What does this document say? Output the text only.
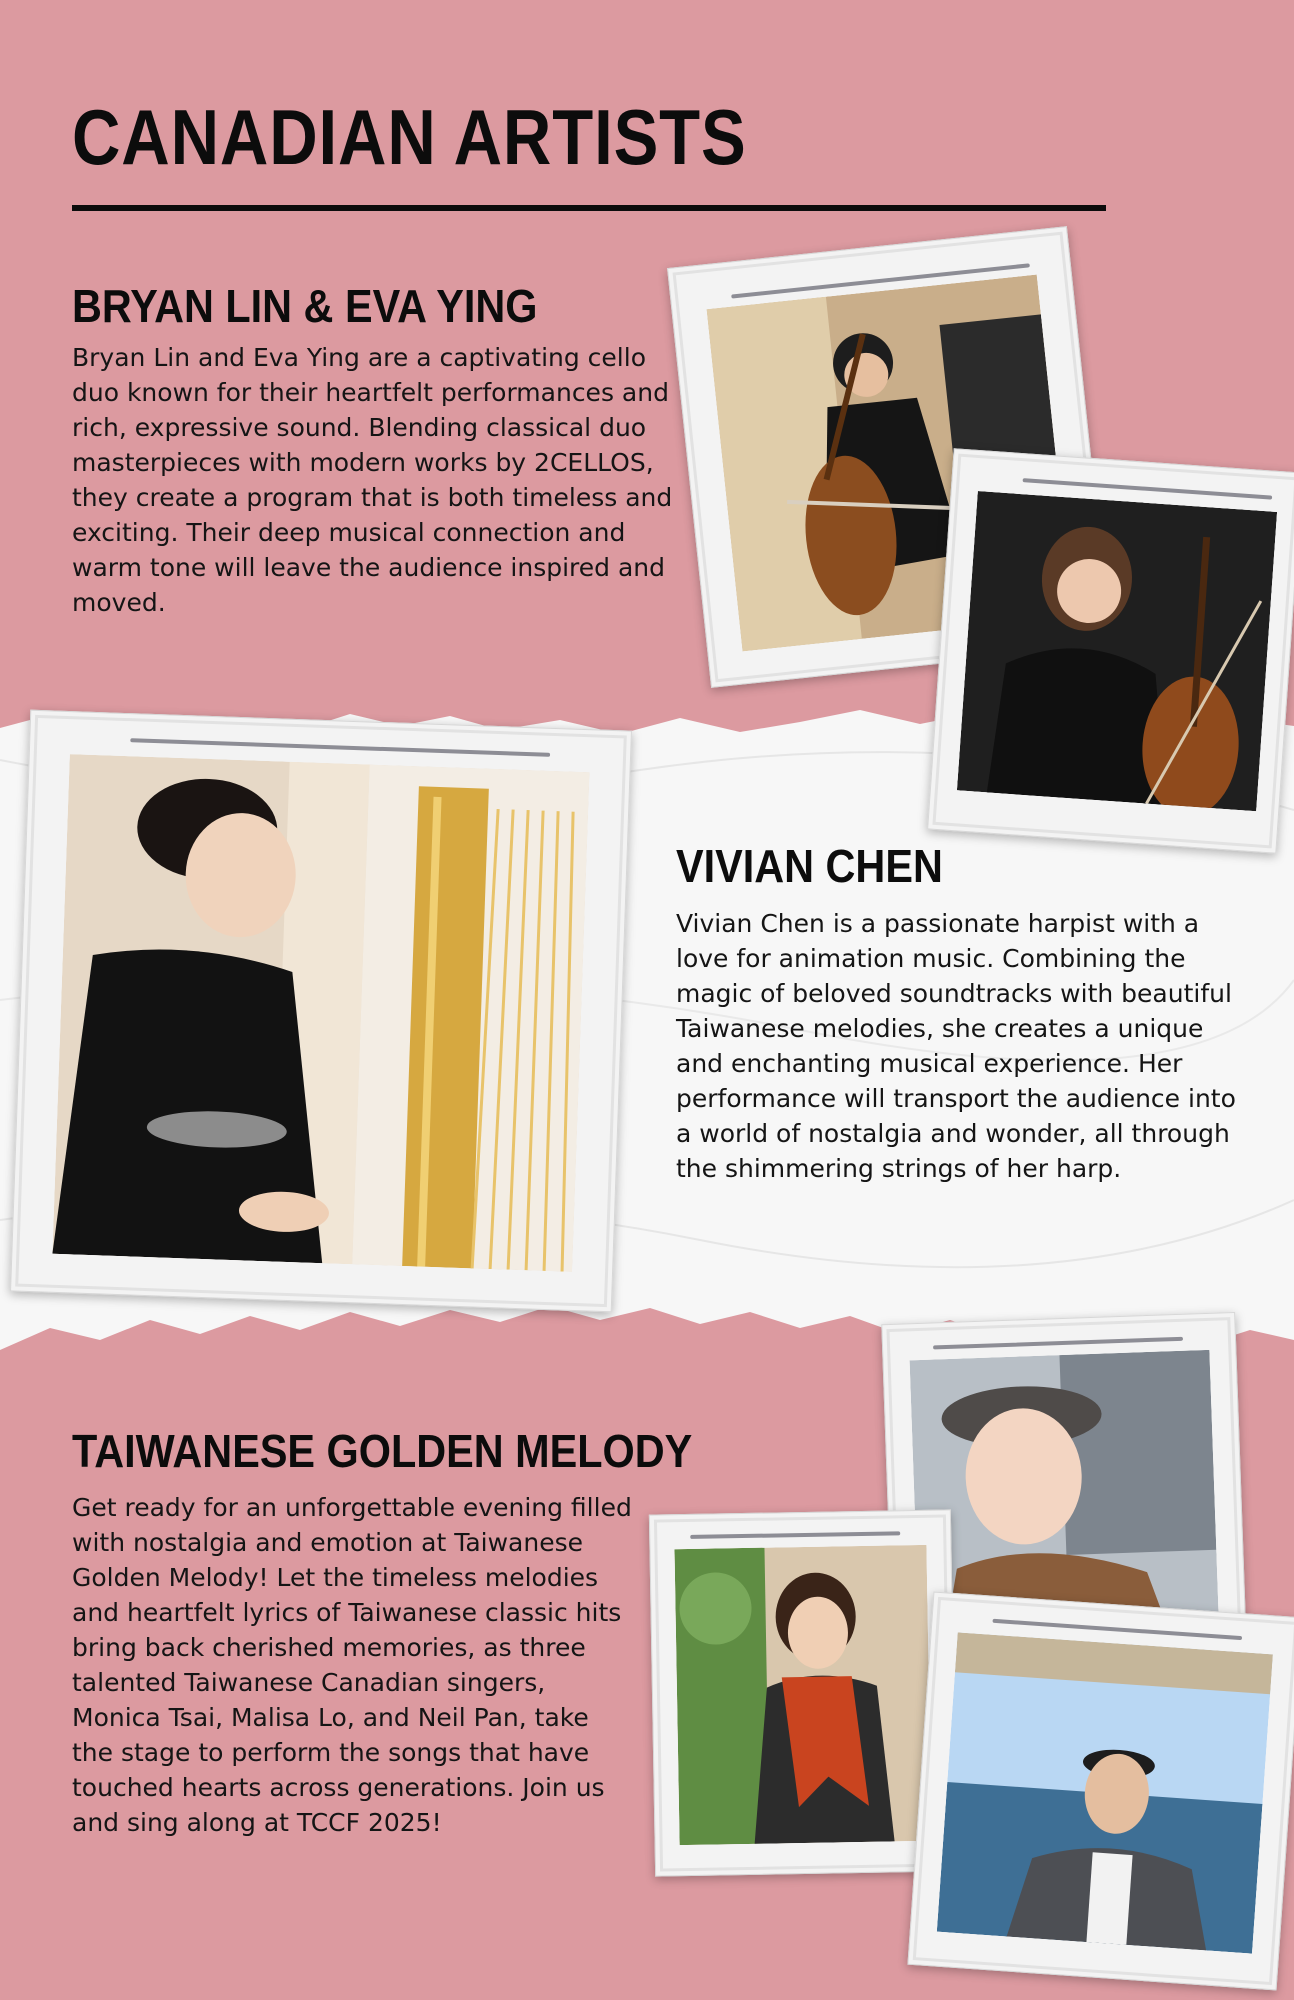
CANADIAN ARTISTS
BRYAN LIN & EVA YING

Bryan Lin and Eva Ying are a captivating cello duo known for their heartfelt performances and rich, expressive sound. Blending classical duo masterpieces with modern works by 2CELLOS, they create a program that is both timeless and exciting. Their deep musical connection and warm tone will leave the audience inspired and moved.

VIVIAN CHEN

Vivian Chen is a passionate harpist with a love for animation music. Combining the magic of beloved soundtracks with beautiful Taiwanese melodies, she creates a unique and enchanting musical experience. Her performance will transport the audience into a world of nostalgia and wonder, all through the shimmering strings of her harp.

TAIWANESE GOLDEN MELODY

Get ready for an unforgettable evening filled with nostalgia and emotion at Taiwanese Golden Melody! Let the timeless melodies and heartfelt lyrics of Taiwanese classic hits bring back cherished memories, as three talented Taiwanese Canadian singers, Monica Tsai, Malisa Lo, and Neil Pan, take the stage to perform the songs that have touched hearts across generations. Join us and sing along at TCCF 2025!
